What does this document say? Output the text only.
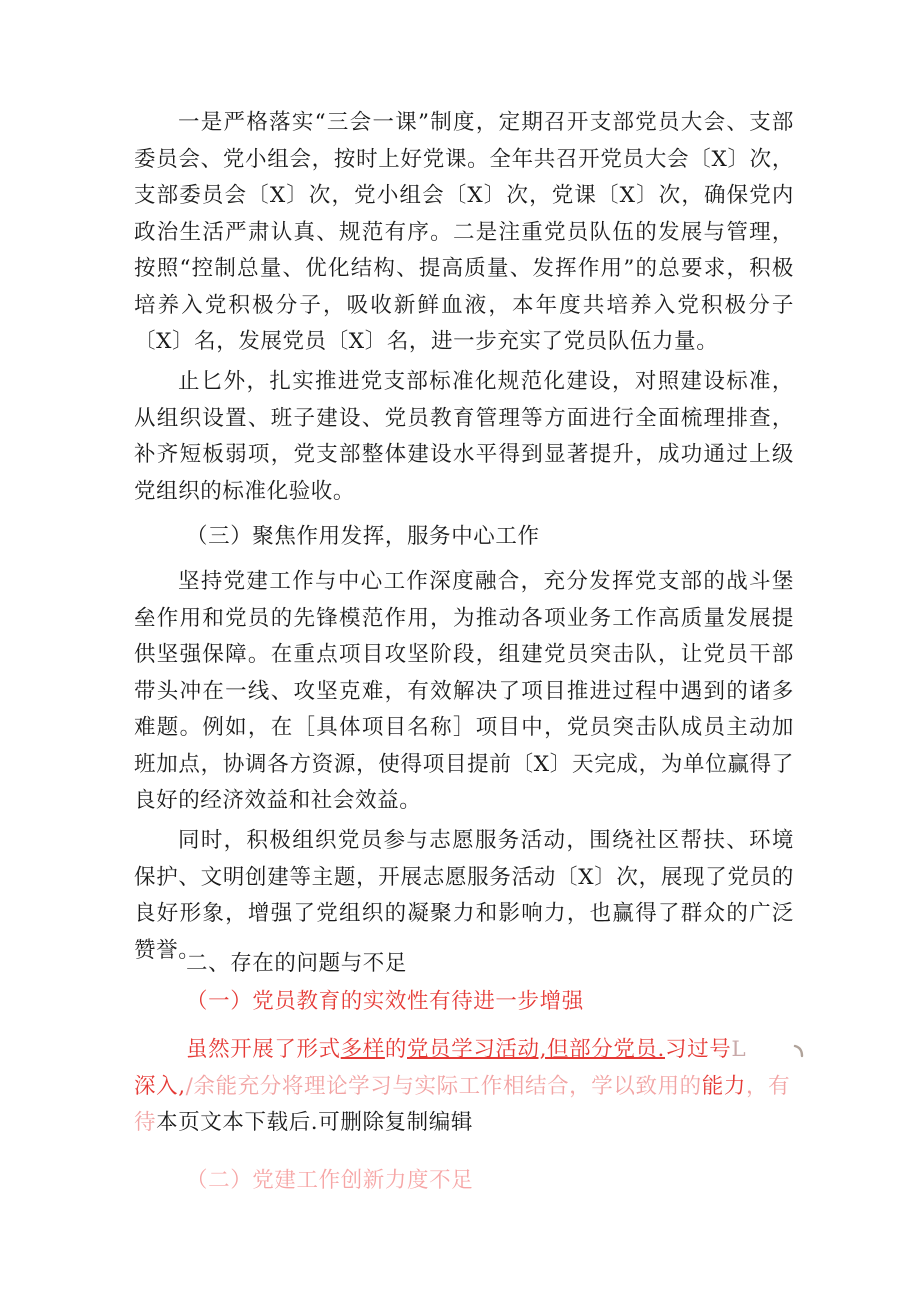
一是严格落实“三会一课”制度，定期召开支部党员大会、支部委员会、党小组会，按时上好党课。全年共召开党员大会〔X〕次，支部委员会〔X〕次，党小组会〔X〕次，党课〔X〕次，确保党内政治生活严肃认真、规范有序。二是注重党员队伍的发展与管理，按照“控制总量、优化结构、提高质量、发挥作用”的总要求，积极培养入党积极分子，吸收新鲜血液，本年度共培养入党积极分子〔X〕名，发展党员〔X〕名，进一步充实了党员队伍力量。

止匕外，扎实推进党支部标准化规范化建设，对照建设标准，从组织设置、班子建设、党员教育管理等方面进行全面梳理排查，补齐短板弱项，党支部整体建设水平得到显著提升，成功通过上级党组织的标准化验收。

（三）聚焦作用发挥，服务中心工作

坚持党建工作与中心工作深度融合，充分发挥党支部的战斗堡垒作用和党员的先锋模范作用，为推动各项业务工作高质量发展提供坚强保障。在重点项目攻坚阶段，组建党员突击队，让党员干部带头冲在一线、攻坚克难，有效解决了项目推进过程中遇到的诸多难题。例如，在［具体项目名称］项目中，党员突击队成员主动加班加点，协调各方资源，使得项目提前〔X〕天完成，为单位赢得了良好的经济效益和社会效益。

同时，积极组织党员参与志愿服务活动，围绕社区帮扶、环境保护、文明创建等主题，开展志愿服务活动〔X〕次，展现了党员的良好形象，增强了党组织的凝聚力和影响力，也赢得了群众的广泛赞誉。

二、存在的问题与不足

（一）党员教育的实效性有待进一步增强

虽然开展了形式多样的党员学习活动,但部分党员.习过号L
深入,/余能充分将理论学习与实际工作相结合，学以致用的能力，有
待本页文本下载后.可删除复制编辑

（二）党建工作创新力度不足
